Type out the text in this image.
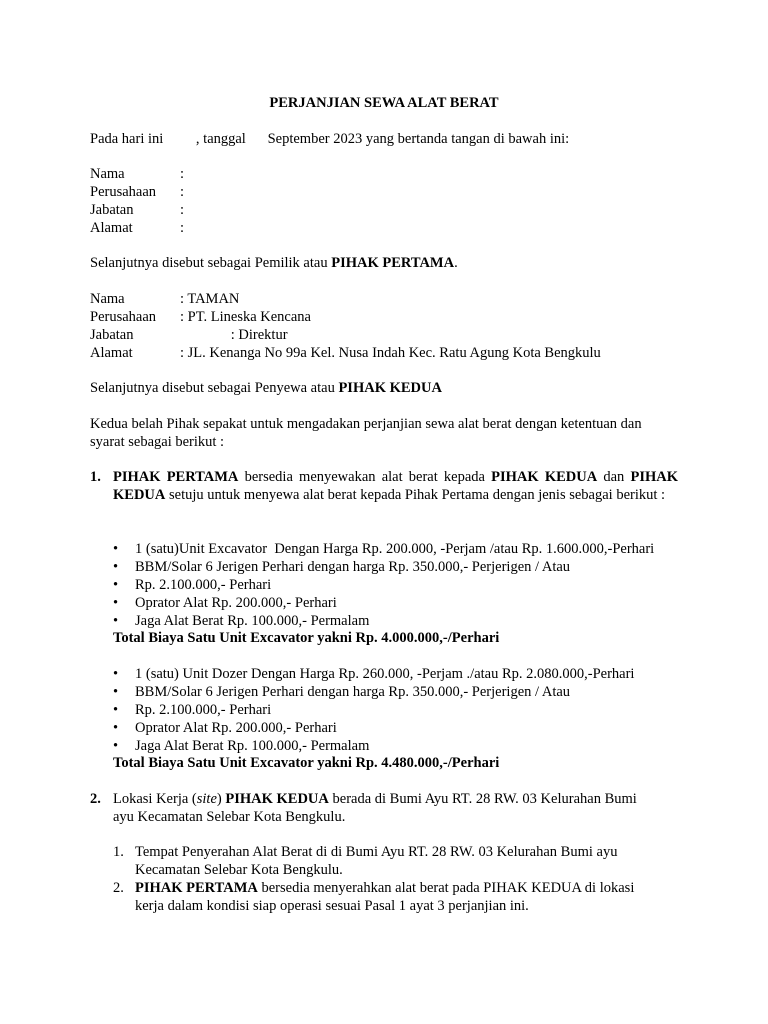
PERJANJIAN SEWA ALAT BERAT
Pada hari ini         , tanggal      September 2023 yang bertanda tangan di bawah ini:
Nama	:
Perusahaan :
Jabatan	:
Alamat	:
Selanjutnya disebut sebagai Pemilik atau PIHAK PERTAMA.
Nama	: TAMAN
Perusahaan : PT. Lineska Kencana
Jabatan	: Direktur
Alamat	: JL. Kenanga No 99a Kel. Nusa Indah Kec. Ratu Agung Kota Bengkulu
Selanjutnya disebut sebagai Penyewa atau PIHAK KEDUA
Kedua belah Pihak sepakat untuk mengadakan perjanjian sewa alat berat dengan ketentuan dan
syarat sebagai berikut :
1. PIHAK PERTAMA bersedia menyewakan alat berat kepada PIHAK KEDUA dan PIHAK KEDUA setuju untuk menyewa alat berat kepada Pihak Pertama dengan jenis sebagai berikut :
• 1 (satu)Unit Excavator  Dengan Harga Rp. 200.000, -Perjam /atau Rp. 1.600.000,-Perhari
• BBM/Solar 6 Jerigen Perhari dengan harga Rp. 350.000,- Perjerigen / Atau
• Rp. 2.100.000,- Perhari
• Oprator Alat Rp. 200.000,- Perhari
• Jaga Alat Berat Rp. 100.000,- Permalam
Total Biaya Satu Unit Excavator yakni Rp. 4.000.000,-/Perhari
• 1 (satu) Unit Dozer Dengan Harga Rp. 260.000, -Perjam ./atau Rp. 2.080.000,-Perhari
• BBM/Solar 6 Jerigen Perhari dengan harga Rp. 350.000,- Perjerigen / Atau
• Rp. 2.100.000,- Perhari
• Oprator Alat Rp. 200.000,- Perhari
• Jaga Alat Berat Rp. 100.000,- Permalam
Total Biaya Satu Unit Excavator yakni Rp. 4.480.000,-/Perhari
2. Lokasi Kerja (site) PIHAK KEDUA berada di Bumi Ayu RT. 28 RW. 03 Kelurahan Bumi
ayu Kecamatan Selebar Kota Bengkulu.
1. Tempat Penyerahan Alat Berat di di Bumi Ayu RT. 28 RW. 03 Kelurahan Bumi ayu
Kecamatan Selebar Kota Bengkulu.
2. PIHAK PERTAMA bersedia menyerahkan alat berat pada PIHAK KEDUA di lokasi
kerja dalam kondisi siap operasi sesuai Pasal 1 ayat 3 perjanjian ini.
